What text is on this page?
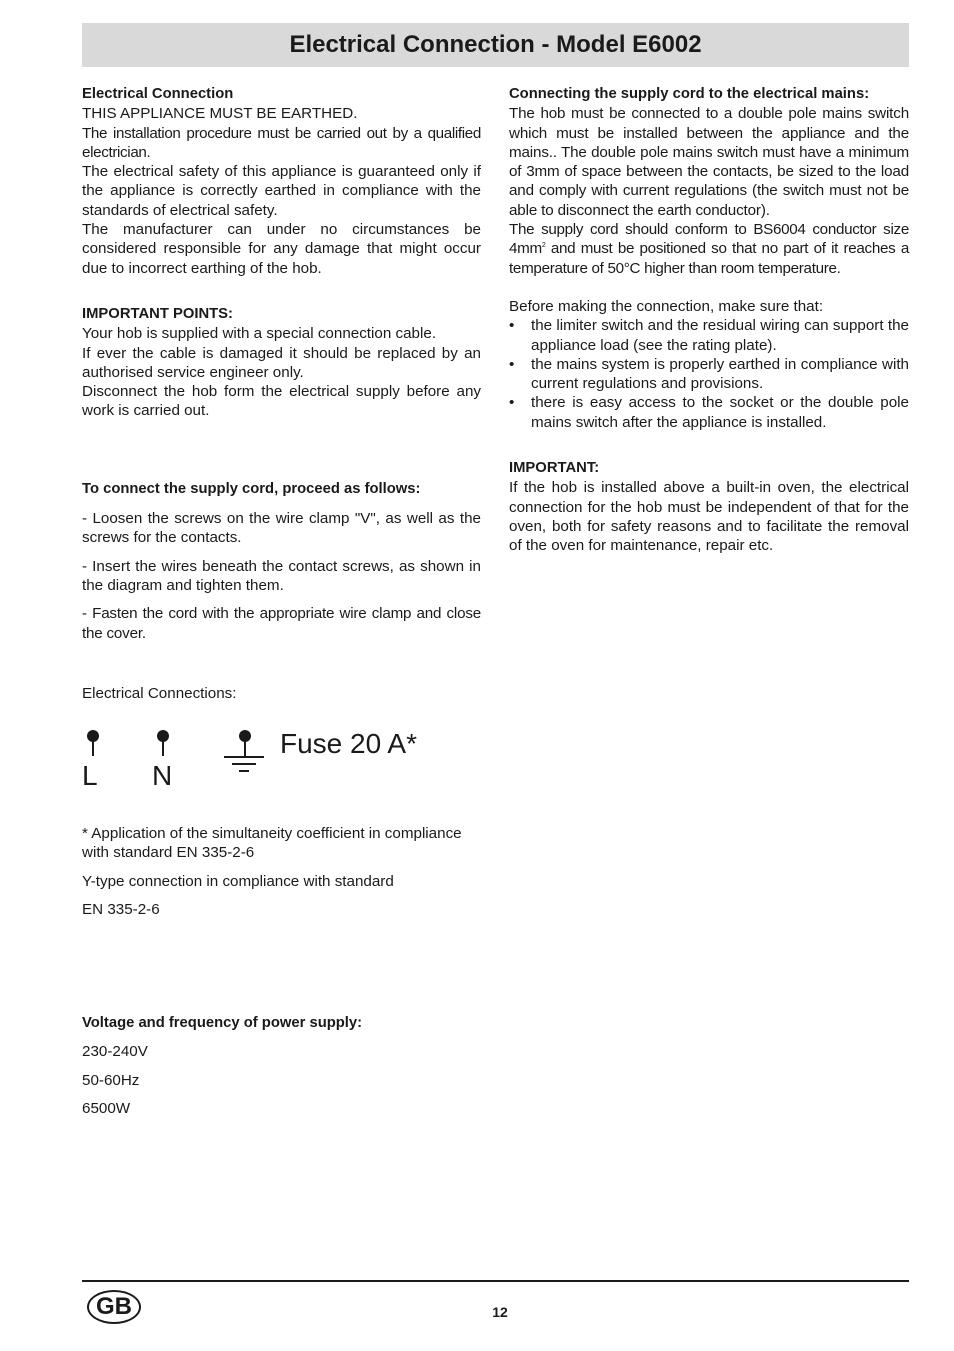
Electrical Connection - Model E6002

Electrical Connection

THIS APPLIANCE MUST BE EARTHED.

The installation procedure must be carried out by a qualified electrician.

The electrical safety of this appliance is guaranteed only if the appliance is correctly earthed in compliance with the standards of electrical safety.

The manufacturer can under no circumstances be considered responsible for any damage that might occur due to incorrect earthing of the hob.

IMPORTANT POINTS:

Your hob is supplied with a special connection cable.

If ever the cable is damaged it should be replaced by an authorised service engineer only.

Disconnect the hob form the electrical supply before any work is carried out.

To connect the supply cord, proceed as follows:

- Loosen the screws on the wire clamp "V", as well as the screws for the contacts.

- Insert the wires beneath the contact screws, as shown in the diagram and tighten them.

- Fasten the cord with the appropriate wire clamp and close the cover.

Electrical Connections:

L N
Fuse 20 A*

* Application of the simultaneity coefficient in compliance with standard EN 335-2-6

Y-type connection in compliance with standard

EN 335-2-6

Voltage and frequency of power supply:

230-240V

50-60Hz

6500W

Connecting the supply cord to the electrical mains:

The hob must be connected to a double pole mains switch which must be installed between the appliance and the mains.. The double pole mains switch must have a minimum of 3mm of space between the contacts, be sized to the load and comply with current regulations (the switch must not be able to disconnect the earth conductor).

The supply cord should conform to BS6004 conductor size $4mm^2$ and must be positioned so that no part of it reaches a temperature of 50°C higher than room temperature.

Before making the connection, make sure that:

• the limiter switch and the residual wiring can support the appliance load (see the rating plate).
• the mains system is properly earthed in compliance with current regulations and provisions.
• there is easy access to the socket or the double pole mains switch after the appliance is installed.

IMPORTANT:

If the hob is installed above a built-in oven, the electrical connection for the hob must be independent of that for the oven, both for safety reasons and to facilitate the removal of the oven for maintenance, repair etc.

GB	12
